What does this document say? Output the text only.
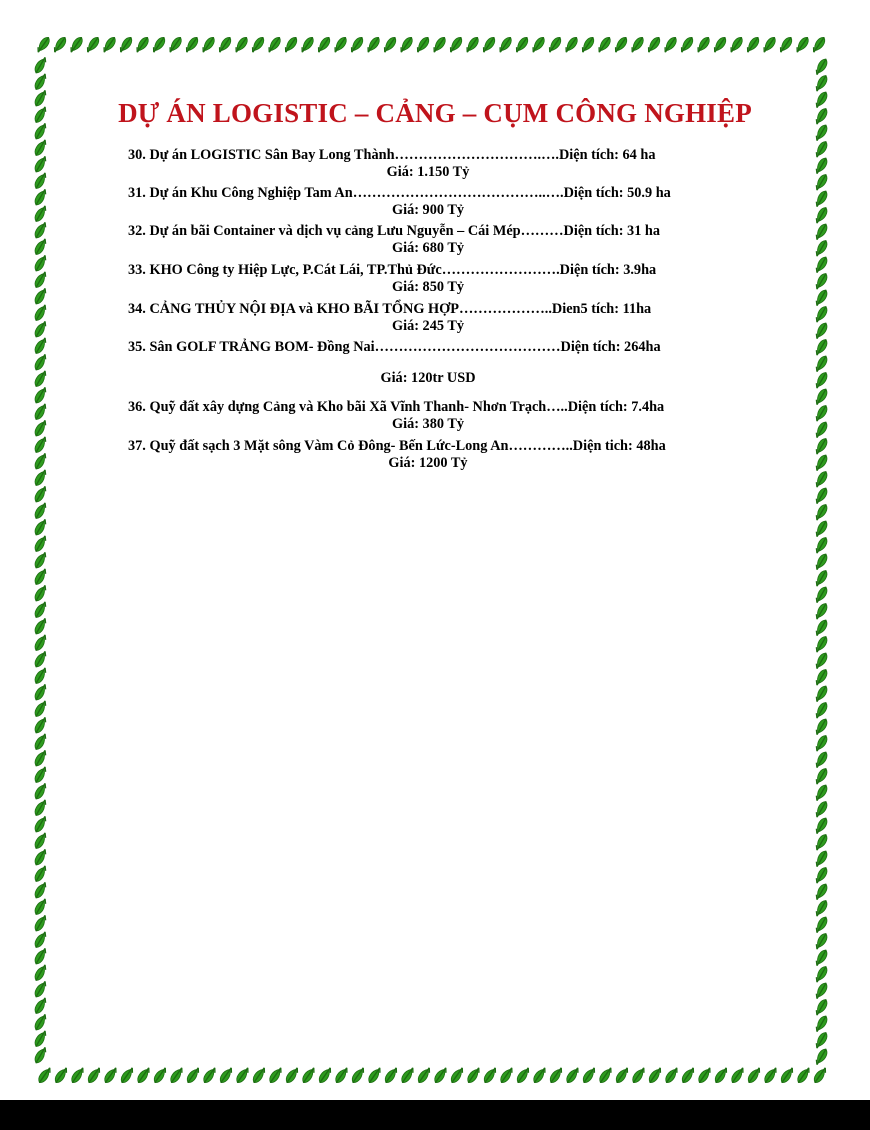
DỰ ÁN LOGISTIC – CẢNG – CỤM CÔNG NGHIỆP
30. Dự án LOGISTIC Sân Bay Long Thành………………………….….Diện tích: 64 ha
Giá: 1.150 Tỷ
31. Dự án Khu Công Nghiệp Tam An…………………………………..….Diện tích: 50.9 ha
Giá: 900 Tỷ
32. Dự án bãi Container và dịch vụ cảng Lưu Nguyễn – Cái Mép………Diện tích: 31 ha
Giá: 680 Tỷ
33. KHO Công ty Hiệp Lực, P.Cát Lái, TP.Thủ Đức…………………….Diện tích: 3.9ha
Giá: 850 Tỷ
34. CẢNG THỦY NỘI ĐỊA và KHO BÃI TỔNG HỢP………………..Dien5 tích: 11ha
Giá: 245 Tỷ
35. Sân GOLF TRẢNG BOM- Đồng Nai…………………………………Diện tích: 264ha
Giá: 120tr USD
36. Quỹ đất xây dựng Cảng và Kho bãi Xã Vĩnh Thanh- Nhơn Trạch…..Diện tích: 7.4ha
Giá: 380 Tỷ
37. Quỹ đất sạch 3 Mặt sông Vàm Cỏ Đông- Bến Lức-Long An…………..Diện tich: 48ha
Giá: 1200 Tỷ
